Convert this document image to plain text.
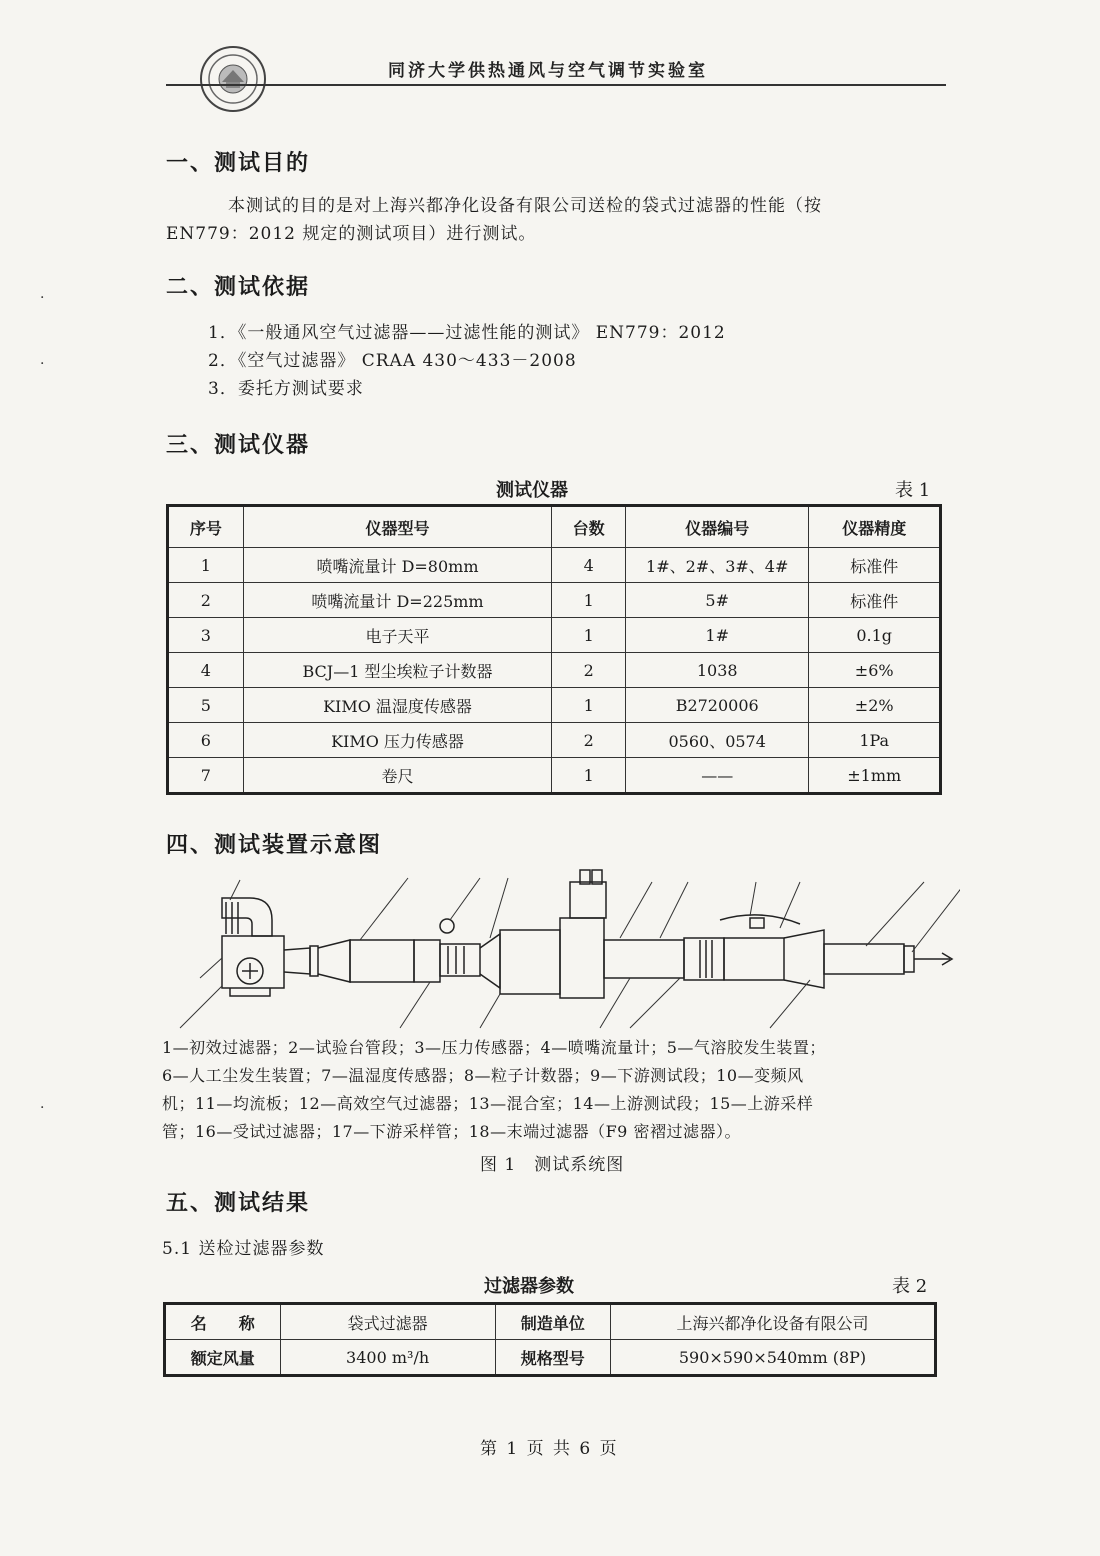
同济大学供热通风与空气调节实验室
一、测试目的
本测试的目的是对上海兴都净化设备有限公司送检的袋式过滤器的性能（按
EN779：2012 规定的测试项目）进行测试。
二、测试依据
1．《一般通风空气过滤器——过滤性能的测试》 EN779：2012
2．《空气过滤器》 CRAA 430～433－2008
3．委托方测试要求
三、测试仪器
测试仪器	表 1
序号	仪器型号	台数	仪器编号	仪器精度
1	喷嘴流量计 D=80mm	4	1#、2#、3#、4#	标准件
2	喷嘴流量计 D=225mm	1	5#	标准件
3	电子天平	1	1#	0.1g
4	BCJ—1 型尘埃粒子计数器	2	1038	±6%
5	KIMO 温湿度传感器	1	B2720006	±2%
6	KIMO 压力传感器	2	0560、0574	1Pa
7	卷尺	1	——	±1mm
四、测试装置示意图
1—初效过滤器；2—试验台管段；3—压力传感器；4—喷嘴流量计；5—气溶胶发生装置；
6—人工尘发生装置；7—温湿度传感器；8—粒子计数器；9—下游测试段；10—变频风
机；11—均流板；12—高效空气过滤器；13—混合室；14—上游测试段；15—上游采样
管；16—受试过滤器；17—下游采样管；18—末端过滤器（F9 密褶过滤器）。
图 1　测试系统图
五、测试结果
5.1 送检过滤器参数
过滤器参数	表 2
名　　称	袋式过滤器	制造单位	上海兴都净化设备有限公司
额定风量	3400 m³/h	规格型号	590×590×540mm (8P)
第 1 页 共 6 页
·
·
·
